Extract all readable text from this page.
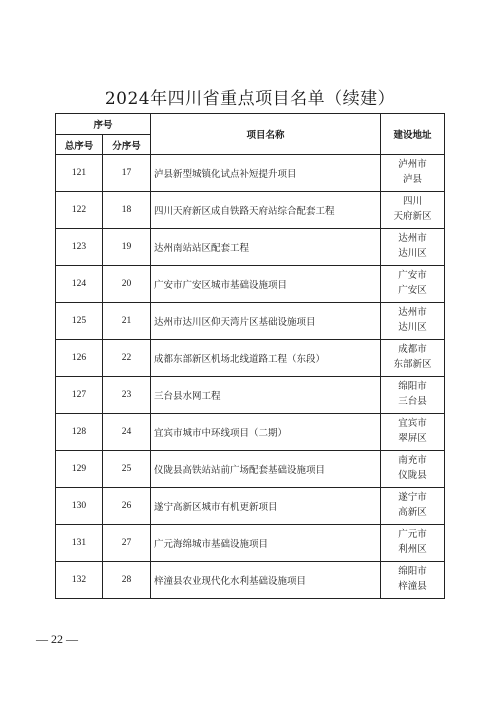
2024年四川省重点项目名单（续建）
序号		项目名称	建设地址
总序号	分序号		
121	17	泸县新型城镇化试点补短提升项目	泸州市
泸县

122	18	四川天府新区成自铁路天府站综合配套工程	四川
天府新区

123	19	达州南站站区配套工程	达州市
达川区

124	20	广安市广安区城市基础设施项目	广安市
广安区

125	21	达州市达川区仰天湾片区基础设施项目	达州市
达川区

126	22	成都东部新区机场北线道路工程（东段）	成都市
东部新区

127	23	三台县水网工程	绵阳市
三台县

128	24	宜宾市城市中环线项目（二期）	宜宾市
翠屏区

129	25	仪陇县高铁站站前广场配套基础设施项目	南充市
仪陇县

130	26	遂宁高新区城市有机更新项目	遂宁市
高新区

131	27	广元海绵城市基础设施项目	广元市
利州区

132	28	梓潼县农业现代化水利基础设施项目	绵阳市
梓潼县
— 22 —
